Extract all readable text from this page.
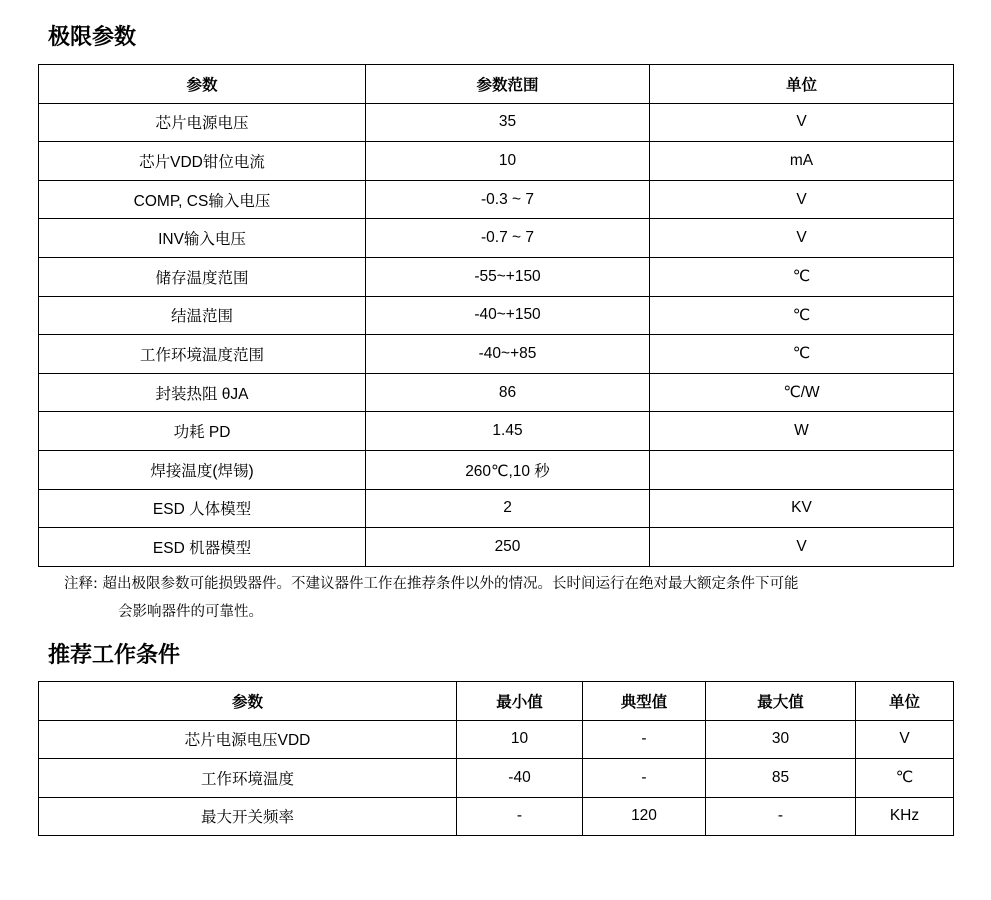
极限参数
参数	参数范围	单位
芯片电源电压	35	V
芯片VDD钳位电流	10	mA
COMP, CS输入电压	-0.3 ~ 7	V
INV输入电压	-0.7 ~ 7	V
储存温度范围	-55~+150	℃
结温范围	-40~+150	℃
工作环境温度范围	-40~+85	℃
封装热阻 θJA	86	℃/W
功耗 PD	1.45	W
焊接温度(焊锡)	260℃,10 秒	
ESD 人体模型	2	KV
ESD 机器模型	250	V

注释: 超出极限参数可能损毁器件。不建议器件工作在推荐条件以外的情况。长时间运行在绝对最大额定条件下可能
会影响器件的可靠性。

推荐工作条件
参数	最小值	典型值	最大值	单位
芯片电源电压VDD	10	-	30	V
工作环境温度	-40	-	85	℃
最大开关频率	-	120	-	KHz
